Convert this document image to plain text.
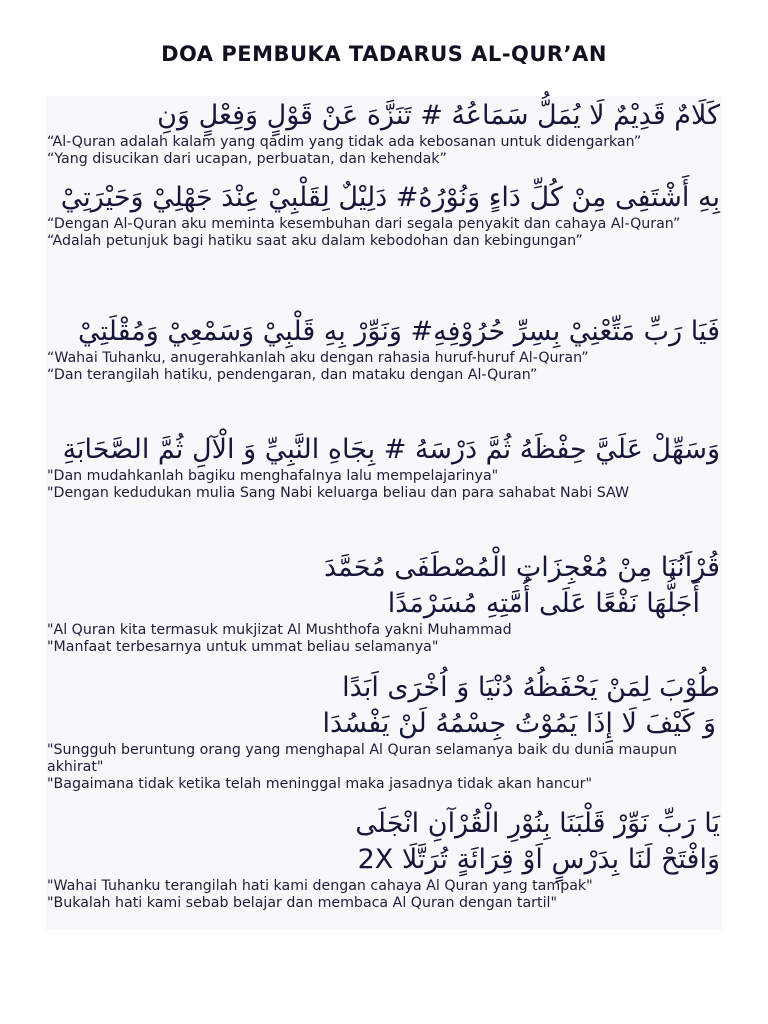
DOA PEMBUKA TADARUS AL-QUR’AN
كَلَامٌ قَدِيْمٌ لَا يُمَلُّ سَمَاعُهُ # تَنَزَّهَ عَنْ قَوْلٍ وَفِعْلٍ وَنِ

“Al-Quran adalah kalam yang qadim yang tidak ada kebosanan untuk didengarkan”

“Yang disucikan dari ucapan, perbuatan, dan kehendak”

بِهِ أَشْتَفِى مِنْ كُلِّ دَاءٍ وَنُوْرُهُ# دَلِيْلٌ لِقَلْبِيْ عِنْدَ جَهْلِيْ وَحَيْرَتِيْ

“Dengan Al-Quran aku meminta kesembuhan dari segala penyakit dan cahaya Al-Quran”

“Adalah petunjuk bagi hatiku saat aku dalam kebodohan dan kebingungan”

فَيَا رَبِّ مَتِّعْنِيْ بِسِرِّ حُرُوْفِهِ# وَنَوِّرْ بِهِ قَلْبِيْ وَسَمْعِيْ وَمُقْلَتِيْ

“Wahai Tuhanku, anugerahkanlah aku dengan rahasia huruf-huruf Al-Quran”

“Dan terangilah hatiku, pendengaran, dan mataku dengan Al-Quran”

وَسَهِّلْ عَلَيَّ حِفْظَهُ ثُمَّ دَرْسَهُ # بِجَاهِ النَّبِيِّ وَ الْآلِ ثُمَّ الصَّحَابَةِ

"Dan mudahkanlah bagiku menghafalnya lalu mempelajarinya"

"Dengan kedudukan mulia Sang Nabi keluarga beliau dan para sahabat Nabi SAW

قُرْاَنُنَا مِنْ مُعْجِزَاتِ الْمُصْطَفَى مُحَمَّدَ
أَجَلُّهَا نَفْعًا عَلَى أُمَّتِهِ مُسَرْمَدًا

"Al Quran kita termasuk mukjizat Al Mushthofa yakni Muhammad

"Manfaat terbesarnya untuk ummat beliau selamanya"

طُوْبَ لِمَنْ يَحْفَظُهُ دُنْيَا وَ اُخْرَى اَبَدًا
وَ كَيْفَ لَا إِذَا يَمُوْتُ جِسْمُهُ لَنْ يَفْسُدَا

"Sungguh beruntung orang yang menghapal Al Quran selamanya baik du dunia maupun akhirat"

"Bagaimana tidak ketika telah meninggal maka jasadnya tidak akan hancur"

يَا رَبِّ نَوِّرْ قَلْبَنَا بِنُوْرِ الْقُرْآنِ انْجَلَى
وَافْتَحْ لَنَا بِدَرْسٍ اَوْ قِرَائَةٍ تُرَتَّلَا 2X

"Wahai Tuhanku terangilah hati kami dengan cahaya Al Quran yang tampak"

"Bukalah hati kami sebab belajar dan membaca Al Quran dengan tartil"
